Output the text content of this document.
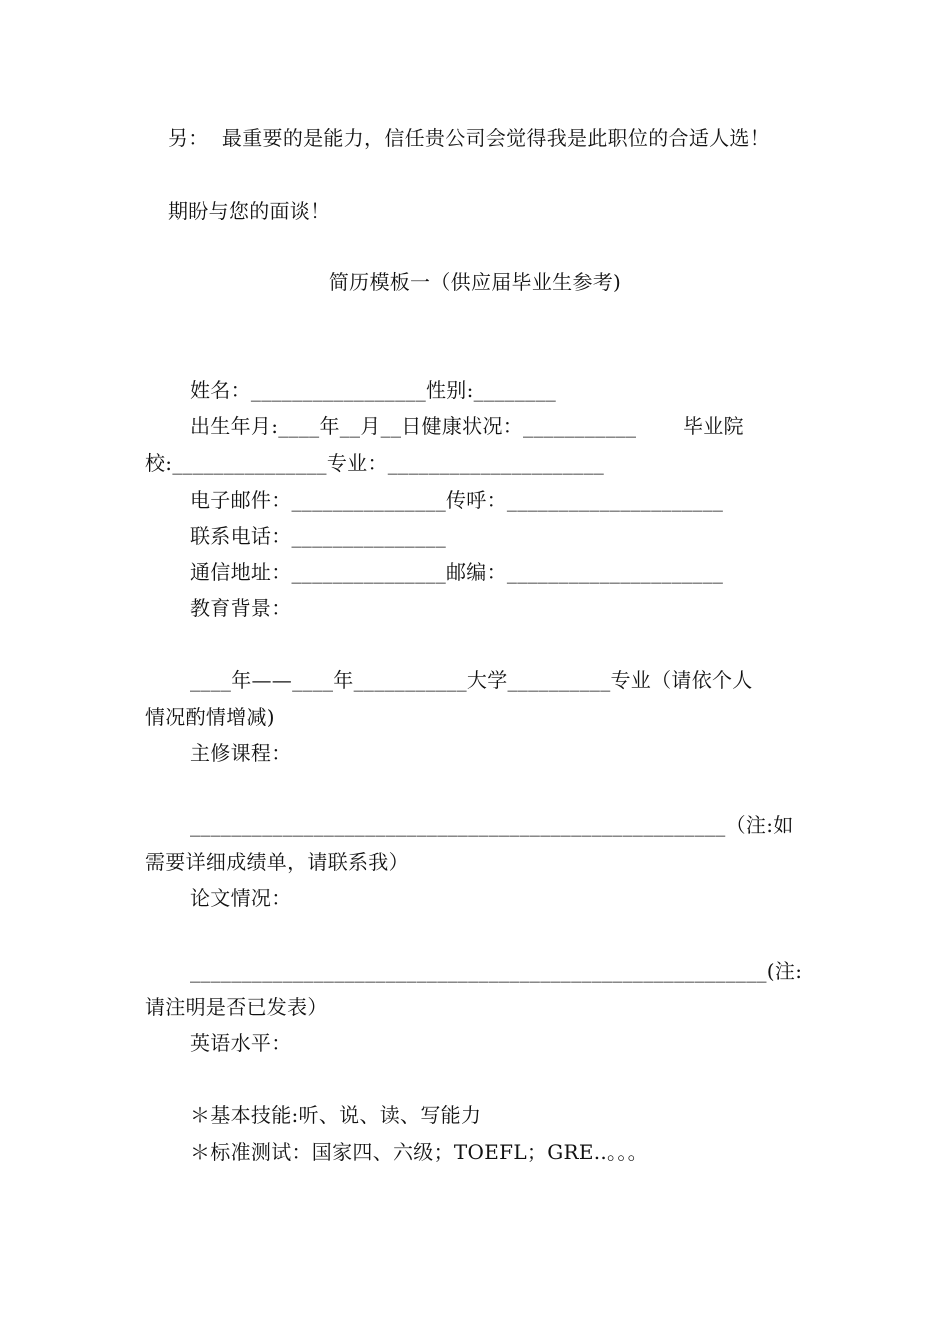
另：  最重要的是能力，信任贵公司会觉得我是此职位的合适人选！
期盼与您的面谈！
简历模板一（供应届毕业生参考)
姓名：_________________性别:________
出生年月:____年__月__日健康状况：___________       毕业院
校:_______________专业：_____________________
电子邮件：_______________传呼：_____________________
联系电话：_______________
通信地址：_______________邮编：_____________________
教育背景：
____年——____年___________大学__________专业（请依个人
情况酌情增减)
主修课程：
____________________________________________________（注:如
需要详细成绩单，请联系我）
论文情况：
________________________________________________________(注:
请注明是否已发表）
英语水平：
＊基本技能:听、说、读、写能力
＊标准测试：国家四、六级；TOEFL；GRE..。。。
